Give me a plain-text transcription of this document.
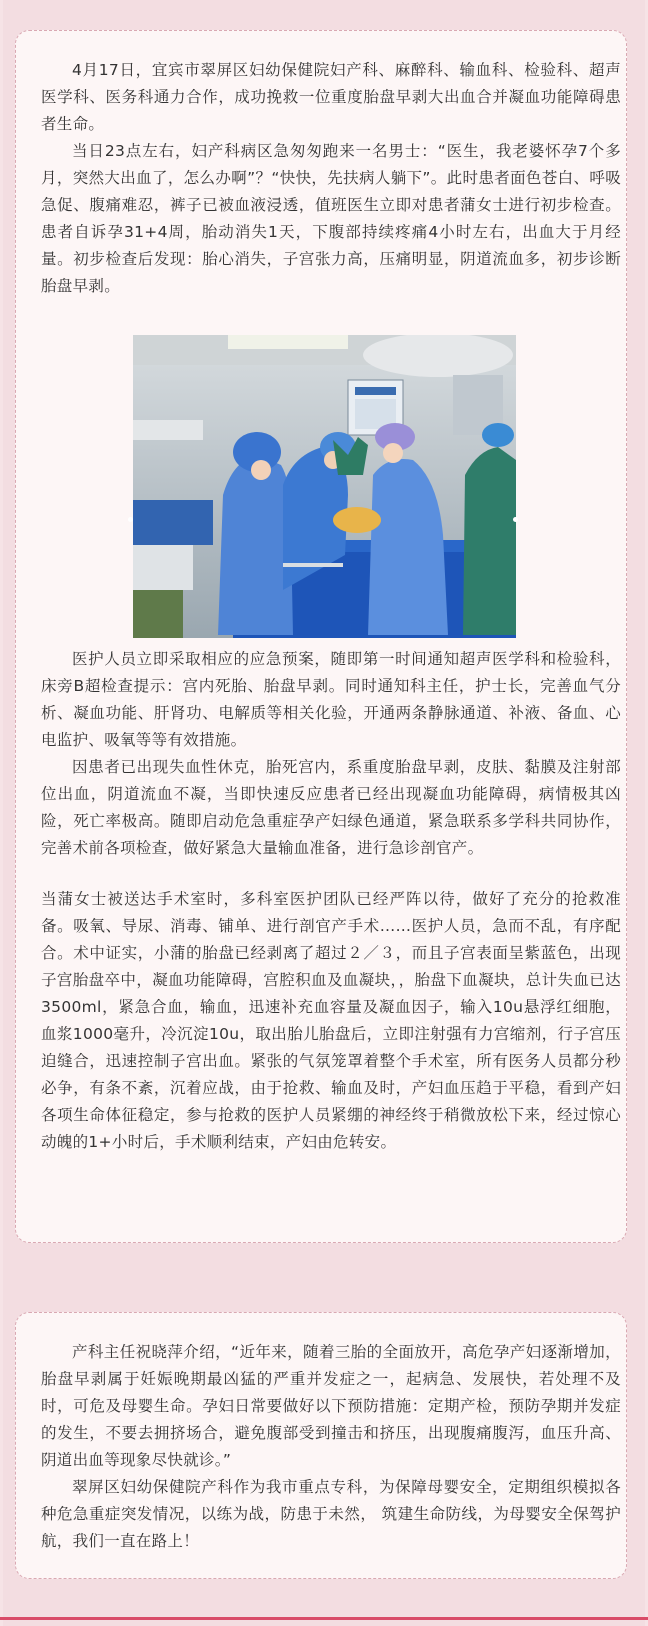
4月17日，宜宾市翠屏区妇幼保健院妇产科、麻醉科、输血科、检验科、超声医学科、医务科通力合作，成功挽救一位重度胎盘早剥大出血合并凝血功能障碍患者生命。

当日23点左右，妇产科病区急匆匆跑来一名男士：“医生，我老婆怀孕7个多月，突然大出血了，怎么办啊”？“快快，先扶病人躺下”。此时患者面色苍白、呼吸急促、腹痛难忍，裤子已被血液浸透，值班医生立即对患者蒲女士进行初步检查。患者自诉孕31+4周，胎动消失1天，下腹部持续疼痛4小时左右，出血大于月经量。初步检查后发现：胎心消失，子宫张力高，压痛明显，阴道流血多，初步诊断胎盘早剥。

医护人员立即采取相应的应急预案，随即第一时间通知超声医学科和检验科，床旁B超检查提示：宫内死胎、胎盘早剥。同时通知科主任，护士长，完善血气分析、凝血功能、肝肾功、电解质等相关化验，开通两条静脉通道、补液、备血、心电监护、吸氧等等有效措施。

因患者已出现失血性休克，胎死宫内，系重度胎盘早剥，皮肤、黏膜及注射部位出血，阴道流血不凝，当即快速反应患者已经出现凝血功能障碍，病情极其凶险，死亡率极高。随即启动危急重症孕产妇绿色通道，紧急联系多学科共同协作，完善术前各项检查，做好紧急大量输血准备，进行急诊剖官产。

当蒲女士被送达手术室时，多科室医护团队已经严阵以待，做好了充分的抢救准备。吸氧、导尿、消毒、铺单、进行剖官产手术……医护人员，急而不乱，有序配合。术中证实，小蒲的胎盘已经剥离了超过２／３，而且子宫表面呈紫蓝色，出现子宫胎盘卒中，凝血功能障碍，宫腔积血及血凝块，，胎盘下血凝块，总计失血已达3500ml，紧急合血，输血，迅速补充血容量及凝血因子，输入10u悬浮红细胞，血浆1000毫升，冷沉淀10u，取出胎儿胎盘后，立即注射强有力宫缩剂，行子宫压迫缝合，迅速控制子宫出血。紧张的气氛笼罩着整个手术室，所有医务人员都分秒必争，有条不紊，沉着应战，由于抢救、输血及时，产妇血压趋于平稳，看到产妇各项生命体征稳定，参与抢救的医护人员紧绷的神经终于稍微放松下来，经过惊心动魄的1+小时后，手术顺利结束，产妇由危转安。

产科主任祝晓萍介绍，“近年来，随着三胎的全面放开，高危孕产妇逐渐增加，胎盘早剥属于妊娠晚期最凶猛的严重并发症之一，起病急、发展快，若处理不及时，可危及母婴生命。孕妇日常要做好以下预防措施：定期产检，预防孕期并发症的发生，不要去拥挤场合，避免腹部受到撞击和挤压，出现腹痛腹泻，血压升高、阴道出血等现象尽快就诊。”

翠屏区妇幼保健院产科作为我市重点专科，为保障母婴安全，定期组织模拟各种危急重症突发情况，以练为战，防患于未然， 筑建生命防线，为母婴安全保驾护航，我们一直在路上！
